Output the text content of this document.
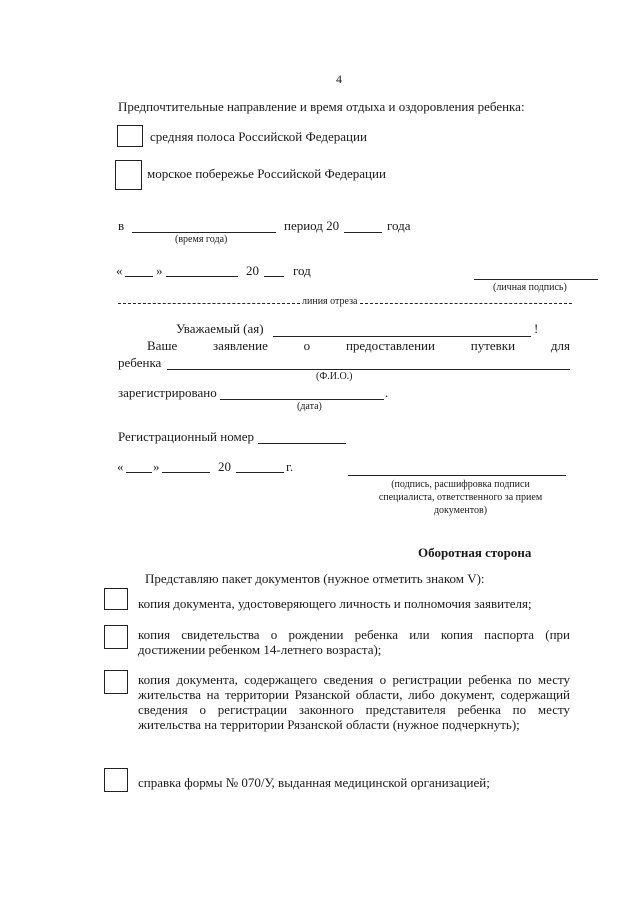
4
Предпочтительные направление и время отдыха и оздоровления ребенка:
средняя полоса Российской Федерации
морское побережье Российской Федерации
в	период 20	года
(время года)
«	»	20	год
(личная подпись)
линия отреза
Уважаемый (ая)	!
Ваше	заявление	о	предоставлении	путевки	для
ребенка
(Ф.И.О.)
зарегистрировано	.
(дата)
Регистрационный номер
« »	20	г.
(подпись, расшифровка подписи специалиста, ответственного за прием документов)
Оборотная сторона
Представляю пакет документов (нужное отметить знаком V):
копия документа, удостоверяющего личность и полномочия заявителя;
копия свидетельства о рождении ребенка или копия паспорта (при достижении ребенком 14-летнего возраста);
копия документа, содержащего сведения о регистрации ребенка по месту жительства на территории Рязанской области, либо документ, содержащий сведения о регистрации законного представителя ребенка по месту жительства на территории Рязанской области (нужное подчеркнуть);
справка формы № 070/У, выданная медицинской организацией;
